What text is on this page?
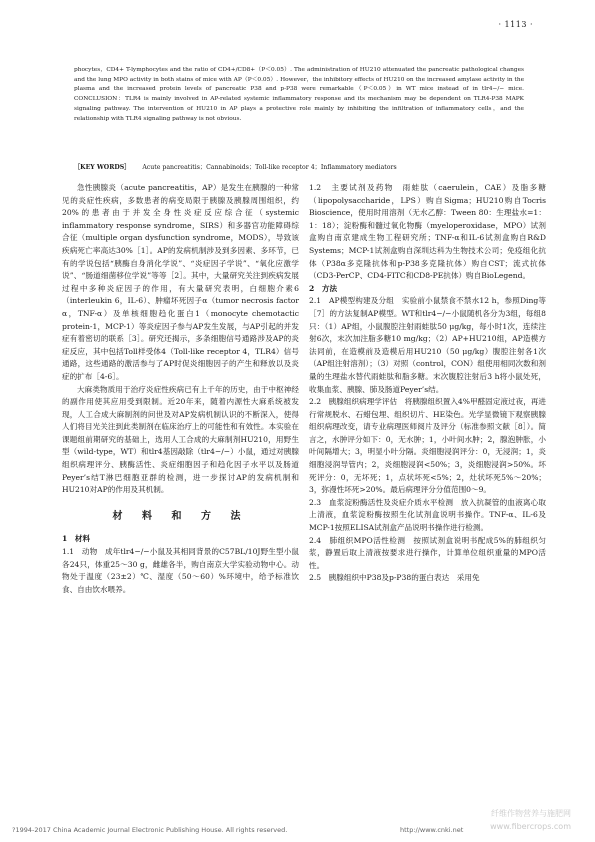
· 1113 ·

phocytes，CD4+ T-lymphocytes and the ratio of CD4+/CD8+（P＜0.05）. The administration of HU210 attenuated the pancreatic pathological changes and the lung MPO activity in both stains of mice with AP（P＜0.05）. However，the inhibitory effects of HU210 on the increased amylase activity in the plasma and the increased protein levels of pancreatic P38 and p-P38 were remarkable（P＜0.05）in WT mice instead of in tlr4−/− mice. CONCLUSION：TLR4 is mainly involved in AP-related systemic inflammatory response and its mechanism may be dependent on TLR4-P38 MAPK signaling pathway. The intervention of HU210 in AP plays a protective role mainly by inhibiting the infiltration of inflammatory cells，and the relationship with TLR4 signaling pathway is not obvious.

［KEY WORDS］ Acute pancreatitis；Cannabinoids；Toll-like receptor 4；Inflammatory mediators

急性胰腺炎（acute pancreatitis，AP）是发生在胰腺的一种常见的炎症性疾病，多数患者的病变局限于胰腺及胰腺周围组织，约20%的患者由于并发全身性炎症反应综合征（systemic inflammatory response syndrome，SIRS）和多器官功能障碍综合征（multiple organ dysfunction syndrome，MODS），导致该疾病死亡率高达30%［1］。AP的发病机制涉及到多因素、多环节，已有的学说包括“胰酶自身消化学说”、“炎症因子学说”、“氧化应激学说”、“肠道细菌移位学说”等等［2］。其中，大量研究关注到疾病发展过程中多种炎症因子的作用，有大量研究表明，白细胞介素6（interleukin 6，IL-6）、肿瘤坏死因子α（tumor necrosis factor α，TNF-α）及单核细胞趋化蛋白1（monocyte chemotactic protein-1，MCP-1）等炎症因子参与AP发生发展，与AP引起的并发症有着密切的联系［3］。研究还揭示，多条细胞信号通路涉及AP的炎症反应，其中包括Toll样受体4（Toll-like receptor 4，TLR4）信号通路，这些通路的激活参与了AP时促炎细胞因子的产生和释放以及炎症的扩布［4-6］。

大麻类物质用于治疗炎症性疾病已有上千年的历史，由于中枢神经的副作用使其应用受到限制。近20年来，随着内源性大麻系统被发现，人工合成大麻制剂的问世及对AP发病机制认识的不断深入，使得人们将目光关注到此类制剂在临床治疗上的可能性和有效性。本实验在课题组前期研究的基础上，选用人工合成的大麻制剂HU210，用野生型（wild-type，WT）和tlr4基因敲除（tlr4−/−）小鼠，通过对胰腺组织病理评分、胰酶活性、炎症细胞因子和趋化因子水平以及肠道Peyer’s结T淋巴细胞亚群的检测，进一步探讨AP的发病机制和HU210对AP的作用及其机制。

材 料 和 方 法
1　材料

1.1　动物　成年tlr4−/−小鼠及其相同背景的C57BL/10J野生型小鼠各24只，体重25～30 g，雌雄各半，购自南京大学实验动物中心。动物处于温度（23±2）℃、湿度（50～60）%环境中，给予标准饮食、自由饮水喂养。

1.2　主要试剂及药物　雨蛙肽（caerulein，CAE）及脂多糖（lipopolysaccharide，LPS）购自Sigma；HU210购自Tocris Bioscience，使用时用溶剂（无水乙醇：Tween 80：生理盐水=1：1：18）；淀粉酶和髓过氧化物酶（myeloperoxidase，MPO）试剂盒购自南京建成生物工程研究所；TNF-α和IL-6试剂盒购自R&D Systems；MCP-1试剂盒购自深圳达科为生物技术公司；免疫组化抗体（P38α多克隆抗体和p-P38多克隆抗体）购自CST；流式抗体（CD3-PerCP、CD4-FITC和CD8-PE抗体）购自BioLegend。

2　方法

2.1　AP模型构建及分组　实验前小鼠禁食不禁水12 h，参照Ding等［7］的方法复制AP模型。WT和tlr4−/−小鼠随机各分为3组，每组8只：（1）AP组，小鼠腹腔注射雨蛙肽50 μg/kg，每小时1次，连续注射6次，末次加注脂多糖10 mg/kg；（2）AP+HU210组，AP造模方法同前，在造模前及造模后用HU210（50 μg/kg）腹腔注射各1次（AP组注射溶剂）；（3）对照（control，CON）组使用相同次数和剂量的生理盐水替代雨蛙肽和脂多糖。末次腹腔注射后3 h将小鼠处死，收集血浆、胰腺、肺及肠道Peyer’s结。

2.2　胰腺组织病理学评估　将胰腺组织置入4%甲醛固定液过夜，再进行常规脱水、石蜡包埋、组织切片、HE染色。光学显微镜下观察胰腺组织病理改变，请专业病理医师阅片及评分（标准参照文献［8］）。简言之，水肿评分如下：0，无水肿；1，小叶间水肿；2，腺泡肿胀，小叶间隔增大；3，明显小叶分隔。炎细胞浸润评分：0，无浸润；1，炎细胞浸润导管内；2，炎细胞浸润<50%；3，炎细胞浸润>50%。坏死评分：0，无坏死；1，点状坏死<5%；2，灶状坏死5%～20%；3，弥漫性坏死>20%。最后病理评分分值范围0～9。

2.3　血浆淀粉酶活性及炎症介质水平检测　放入抗凝管的血液离心取上清液，血浆淀粉酶按照生化试剂盒说明书操作。TNF-α、IL-6及MCP-1按照ELISA试剂盒产品说明书操作进行检测。

2.4　肺组织MPO活性检测　按照试剂盒说明书配成5%的肺组织匀浆，静置后取上清液按要求进行操作，计算单位组织重量的MPO活性。

2.5　胰腺组织中P38及p-P38的蛋白表达　采用免

?1994-2017 China Academic Journal Electronic Publishing House. All rights reserved.	http://www.cnki.net
纤维作物营养与施肥网
www.fibercrops.com
